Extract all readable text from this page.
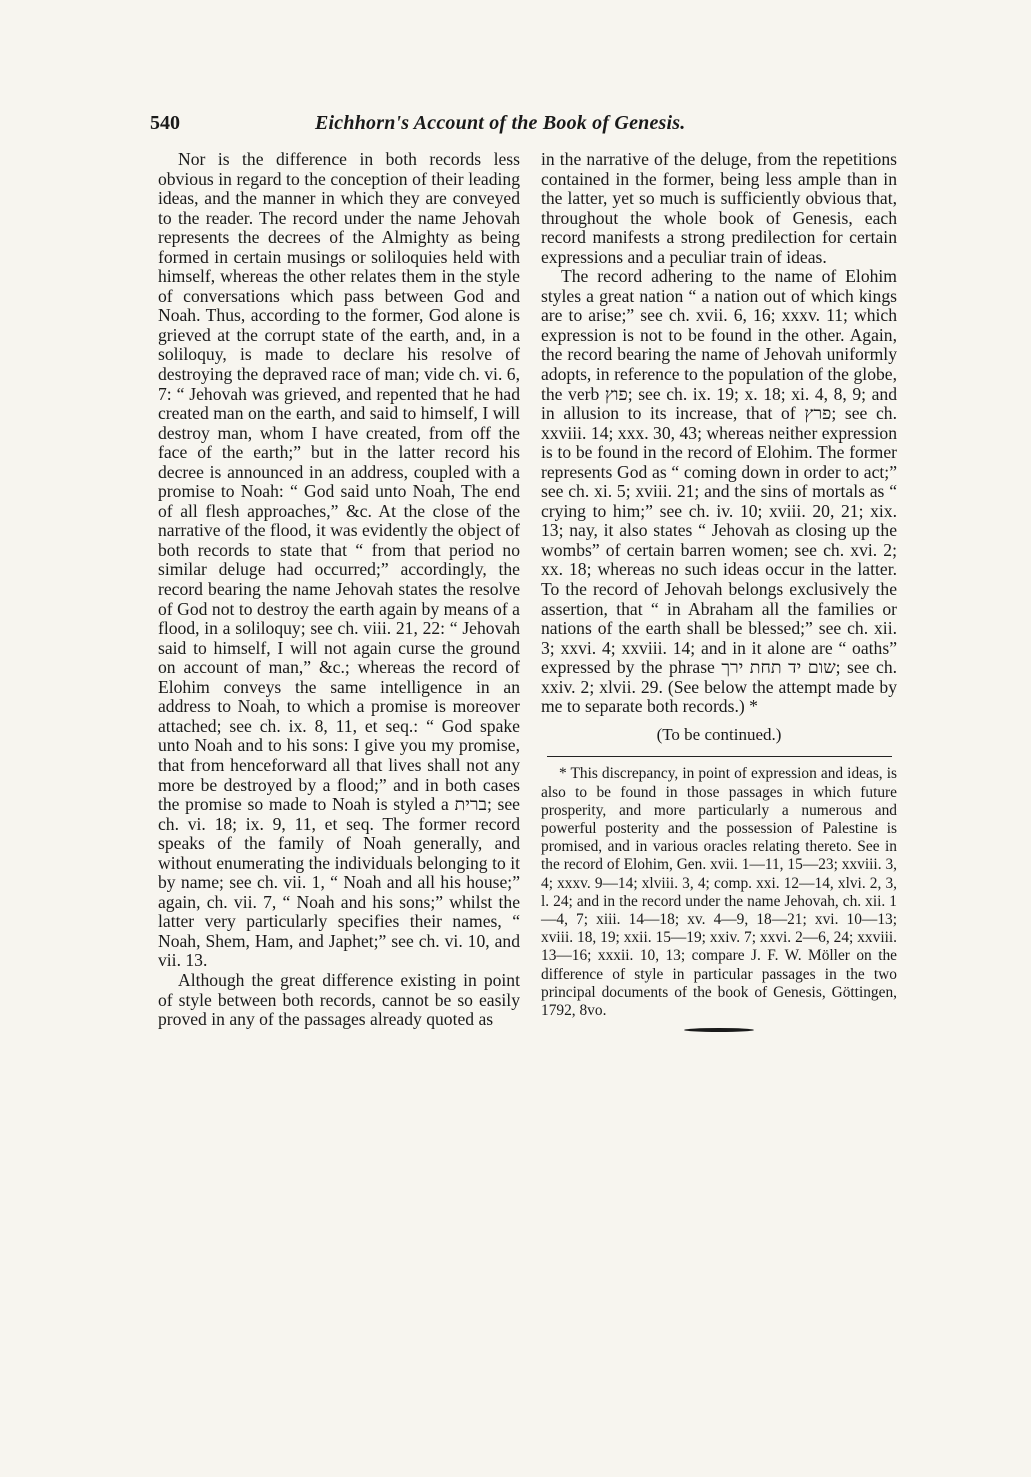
540	Eichhorn's Account of the Book of Genesis.

Nor is the difference in both records less obvious in regard to the conception of their leading ideas, and the manner in which they are conveyed to the reader. The record under the name Jehovah represents the decrees of the Almighty as being formed in certain musings or soliloquies held with himself, whereas the other relates them in the style of conversations which pass between God and Noah. Thus, according to the former, God alone is grieved at the corrupt state of the earth, and, in a soliloquy, is made to declare his resolve of destroying the depraved race of man; vide ch. vi. 6, 7: “ Jehovah was grieved, and repented that he had created man on the earth, and said to himself, I will destroy man, whom I have created, from off the face of the earth;” but in the latter record his decree is announced in an address, coupled with a promise to Noah: “ God said unto Noah, The end of all flesh approaches,” &c. At the close of the narrative of the flood, it was evidently the object of both records to state that “ from that period no similar deluge had occurred;” accordingly, the record bearing the name Jehovah states the resolve of God not to destroy the earth again by means of a flood, in a soliloquy; see ch. viii. 21, 22: “ Jehovah said to himself, I will not again curse the ground on account of man,” &c.; whereas the record of Elohim conveys the same intelligence in an address to Noah, to which a promise is moreover attached; see ch. ix. 8, 11, et seq.: “ God spake unto Noah and to his sons: I give you my promise, that from henceforward all that lives shall not any more be destroyed by a flood;” and in both cases the promise so made to Noah is styled a ברית; see ch. vi. 18; ix. 9, 11, et seq. The former record speaks of the family of Noah generally, and without enumerating the individuals belonging to it by name; see ch. vii. 1, “ Noah and all his house;” again, ch. vii. 7, “ Noah and his sons;” whilst the latter very particularly specifies their names, “ Noah, Shem, Ham, and Japhet;” see ch. vi. 10, and vii. 13.

Although the great difference existing in point of style between both records, cannot be so easily proved in any of the passages already quoted as

in the narrative of the deluge, from the repetitions contained in the former, being less ample than in the latter, yet so much is sufficiently obvious that, throughout the whole book of Genesis, each record manifests a strong predilection for certain expressions and a peculiar train of ideas.

The record adhering to the name of Elohim styles a great nation “ a nation out of which kings are to arise;” see ch. xvii. 6, 16; xxxv. 11; which expression is not to be found in the other. Again, the record bearing the name of Jehovah uniformly adopts, in reference to the population of the globe, the verb פוץ; see ch. ix. 19; x. 18; xi. 4, 8, 9; and in allusion to its increase, that of פרץ; see ch. xxviii. 14; xxx. 30, 43; whereas neither expression is to be found in the record of Elohim. The former represents God as “ coming down in order to act;” see ch. xi. 5; xviii. 21; and the sins of mortals as “ crying to him;” see ch. iv. 10; xviii. 20, 21; xix. 13; nay, it also states “ Jehovah as closing up the wombs” of certain barren women; see ch. xvi. 2; xx. 18; whereas no such ideas occur in the latter. To the record of Jehovah belongs exclusively the assertion, that “ in Abraham all the families or nations of the earth shall be blessed;” see ch. xii. 3; xxvi. 4; xxviii. 14; and in it alone are “ oaths” expressed by the phrase שום יד תחת ירך; see ch. xxiv. 2; xlvii. 29. (See below the attempt made by me to separate both records.) *

(To be continued.)

* This discrepancy, in point of expression and ideas, is also to be found in those passages in which future prosperity, and more particularly a numerous and powerful posterity and the possession of Palestine is promised, and in various oracles relating thereto. See in the record of Elohim, Gen. xvii. 1—11, 15—23; xxviii. 3, 4; xxxv. 9—14; xlviii. 3, 4; comp. xxi. 12—14, xlvi. 2, 3, l. 24; and in the record under the name Jehovah, ch. xii. 1—4, 7; xiii. 14—18; xv. 4—9, 18—21; xvi. 10—13; xviii. 18, 19; xxii. 15—19; xxiv. 7; xxvi. 2—6, 24; xxviii. 13—16; xxxii. 10, 13; compare J. F. W. Möller on the difference of style in particular passages in the two principal documents of the book of Genesis, Göttingen, 1792, 8vo.
